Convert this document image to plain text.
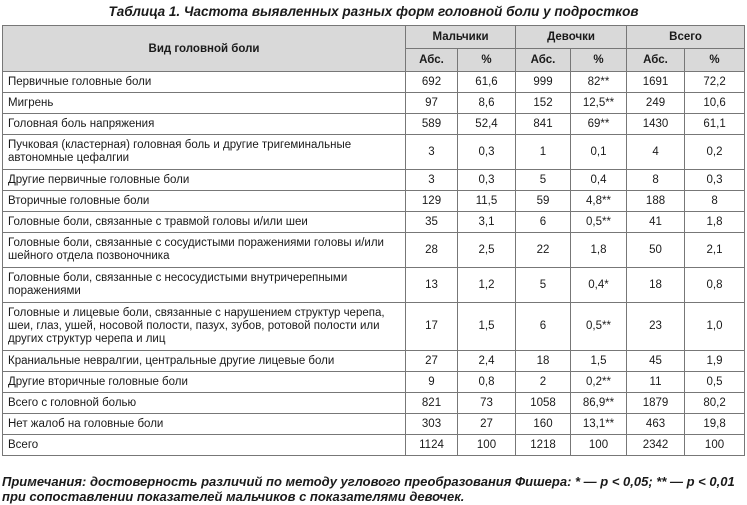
Таблица 1. Частота выявленных разных форм головной боли у подростков
Вид головной боли	Мальчики		Девочки		Всего	
	Абс.	%	Абс.	%	Абс.	%
Первичные головные боли	692	61,6	999	82**	1691	72,2
Мигрень	97	8,6	152	12,5**	249	10,6
Головная боль напряжения	589	52,4	841	69**	1430	61,1
Пучковая (кластерная) головная боль и другие тригеминальные автономные цефалгии	3	0,3	1	0,1	4	0,2
Другие первичные головные боли	3	0,3	5	0,4	8	0,3
Вторичные головные боли	129	11,5	59	4,8**	188	8
Головные боли, связанные с травмой головы и/или шеи	35	3,1	6	0,5**	41	1,8
Головные боли, связанные с сосудистыми поражениями головы и/или шейного отдела позвоночника	28	2,5	22	1,8	50	2,1
Головные боли, связанные с несосудистыми внутричерепными поражениями	13	1,2	5	0,4*	18	0,8
Головные и лицевые боли, связанные с нарушением структур черепа, шеи, глаз, ушей, носовой полости, пазух, зубов, ротовой полости или других структур черепа и лиц	17	1,5	6	0,5**	23	1,0
Краниальные невралгии, центральные другие лицевые боли	27	2,4	18	1,5	45	1,9
Другие вторичные головные боли	9	0,8	2	0,2**	11	0,5
Всего с головной болью	821	73	1058	86,9**	1879	80,2
Нет жалоб на головные боли	303	27	160	13,1**	463	19,8
Всего	1124	100	1218	100	2342	100
Примечания: достоверность различий по методу углового преобразования Фишера: * — p < 0,05; ** — p < 0,01 при сопоставлении показателей мальчиков с показателями девочек.
